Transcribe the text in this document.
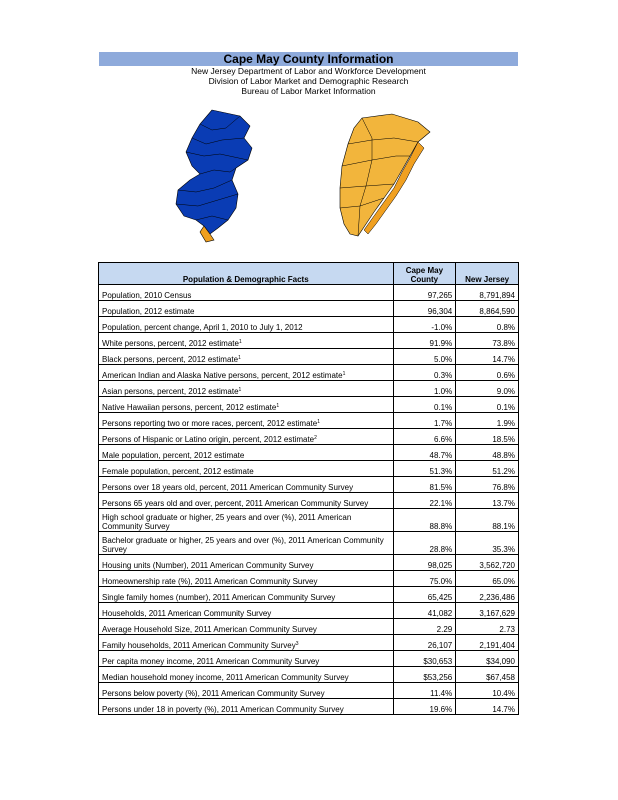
Cape May County Information
New Jersey Department of Labor and Workforce Development
Division of Labor Market and Demographic Research
Bureau of Labor Market Information
Population & Demographic Facts	Cape May County	New Jersey
Population, 2010 Census	97,265	8,791,894
Population, 2012 estimate	96,304	8,864,590
Population, percent change, April 1, 2010 to July 1, 2012	-1.0%	0.8%
White persons, percent, 2012 estimate$^1$	91.9%	73.8%
Black persons, percent, 2012 estimate$^1$	5.0%	14.7%
American Indian and Alaska Native persons, percent, 2012 estimate$^1$	0.3%	0.6%
Asian persons, percent, 2012 estimate$^1$	1.0%	9.0%
Native Hawaiian persons, percent, 2012 estimate$^1$	0.1%	0.1%
Persons reporting two or more races, percent, 2012 estimate$^1$	1.7%	1.9%
Persons of Hispanic or Latino origin, percent, 2012 estimate$^2$	6.6%	18.5%
Male population, percent, 2012 estimate	48.7%	48.8%
Female population, percent, 2012 estimate	51.3%	51.2%
Persons over 18 years old, percent, 2011 American Community Survey	81.5%	76.8%
Persons 65 years old and over, percent, 2011 American Community Survey	22.1%	13.7%
High school graduate or higher, 25 years and over (%), 2011 American Community Survey	88.8%	88.1%
Bachelor graduate or higher, 25 years and over (%), 2011 American Community Survey	28.8%	35.3%
Housing units (Number), 2011 American Community Survey	98,025	3,562,720
Homeownership rate (%), 2011 American Community Survey	75.0%	65.0%
Single family homes (number), 2011 American Community Survey	65,425	2,236,486
Households, 2011 American Community Survey	41,082	3,167,629
Average Household Size, 2011 American Community Survey	2.29	2.73
Family households, 2011 American Community Survey$^3$	26,107	2,191,404
Per capita money income, 2011 American Community Survey	$30,653	$34,090
Median household money income, 2011 American Community Survey	$53,256	$67,458
Persons below poverty (%), 2011 American Community Survey	11.4%	10.4%
Persons under 18 in poverty (%), 2011 American Community Survey	19.6%	14.7%
